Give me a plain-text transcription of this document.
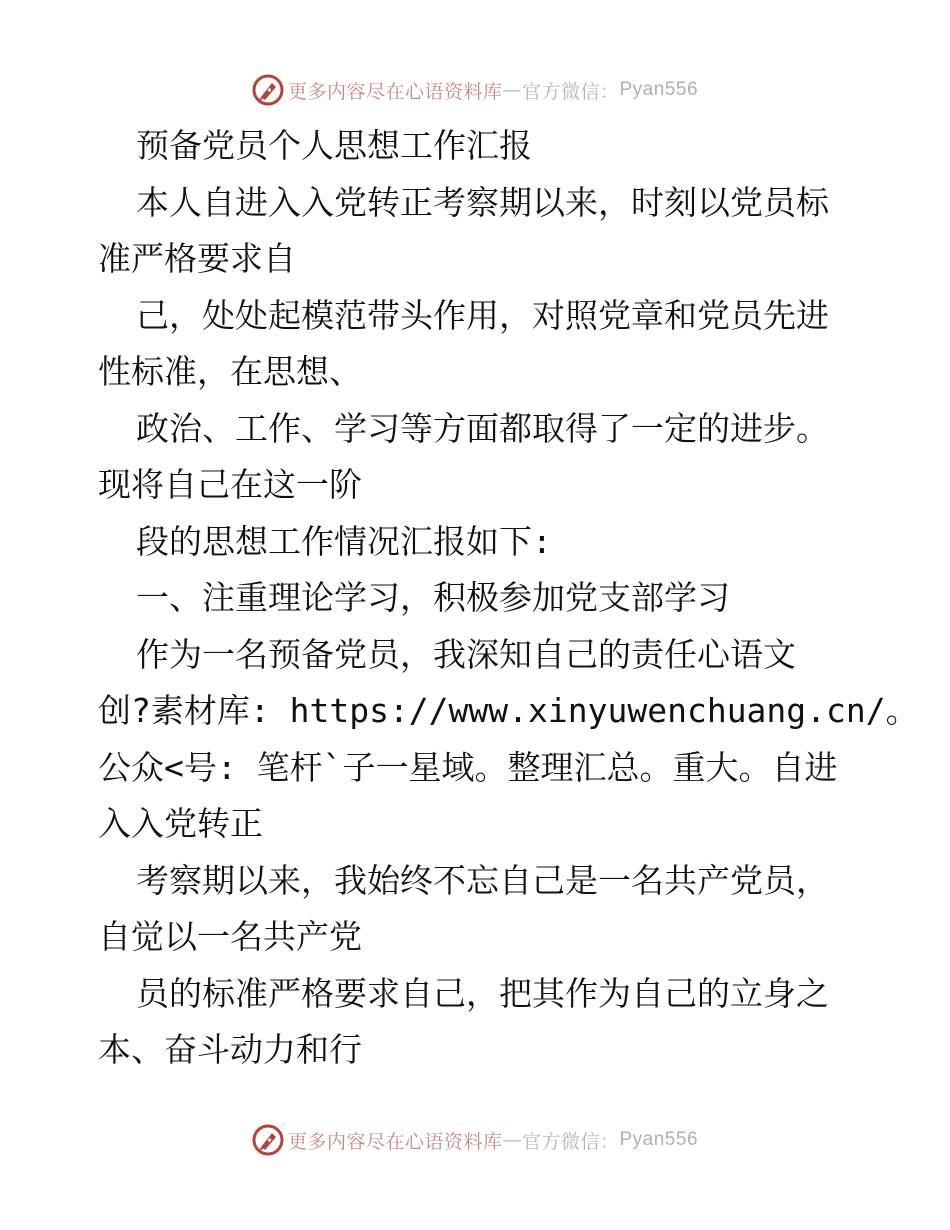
更多内容尽在心语资料库 — 官方微信： Pyan556

预备党员个人思想工作汇报

本人自进入入党转正考察期以来，时刻以党员标

准严格要求自

己，处处起模范带头作用，对照党章和党员先进

性标准，在思想、

政治、工作、学习等方面都取得了一定的进步。

现将自己在这一阶

段的思想工作情况汇报如下:

一、注重理论学习，积极参加党支部学习

作为一名预备党员，我深知自己的责任心语文

创?素材库: https://www.xinyuwenchuang.cn/。

公众<号: 笔杆`子一星域。整理汇总。重大。自进

入入党转正

考察期以来，我始终不忘自己是一名共产党员，

自觉以一名共产党

员的标准严格要求自己，把其作为自己的立身之

本、奋斗动力和行

更多内容尽在心语资料库 — 官方微信： Pyan556
